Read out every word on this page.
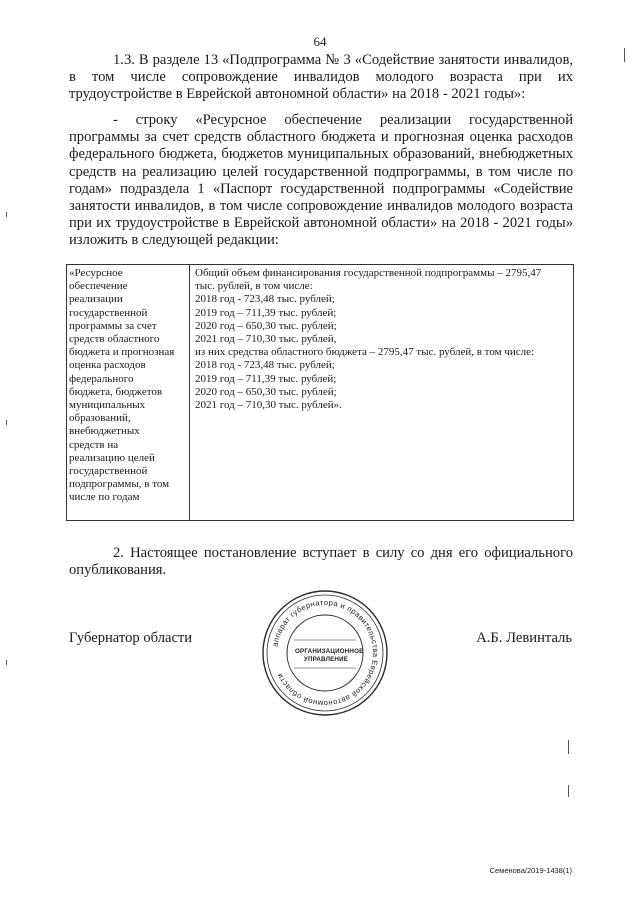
64

1.3. В разделе 13 «Подпрограмма № 3 «Содействие занятости инвалидов, в том числе сопровождение инвалидов молодого возраста при их трудоустройстве в Еврейской автономной области» на 2018 - 2021 годы»:

- строку «Ресурсное обеспечение реализации государственной программы за счет средств областного бюджета и прогнозная оценка расходов федерального бюджета, бюджетов муниципальных образований, внебюджетных средств на реализацию целей государственной подпрограммы, в том числе по годам» подраздела 1 «Паспорт государственной подпрограммы «Содействие занятости инвалидов, в том числе сопровождение инвалидов молодого возраста при их трудоустройстве в Еврейской автономной области» на 2018 - 2021 годы» изложить в следующей редакции:

«Ресурсное
обеспечение
реализации
государственной
программы за счет
средств областного
бюджета и прогнозная
оценка расходов
федерального
бюджета, бюджетов
муниципальных
образований,
внебюджетных
средств на
реализацию целей
государственной
подпрограммы, в том
числе по годам

Общий объем финансирования государственной подпрограммы – 2795,47
тыс. рублей, в том числе:
2018 год - 723,48 тыс. рублей;
2019 год – 711,39 тыс. рублей;
2020 год – 650,30 тыс. рублей;
2021 год – 710,30 тыс. рублей,
из них средства областного бюджета – 2795,47 тыс. рублей, в том числе:
2018 год - 723,48 тыс. рублей;
2019 год – 711,39 тыс. рублей;
2020 год – 650,30 тыс. рублей;
2021 год – 710,30 тыс. рублей».

2. Настоящее постановление вступает в силу со дня его официального опубликования.

Губернатор области	аппарат губернатора и правительства Еврейской автономной области
ОРГАНИЗАЦИОННОЕ
УПРАВЛЕНИЕ
А.Б. Левинталь
Семенова/2019-1438(1)
